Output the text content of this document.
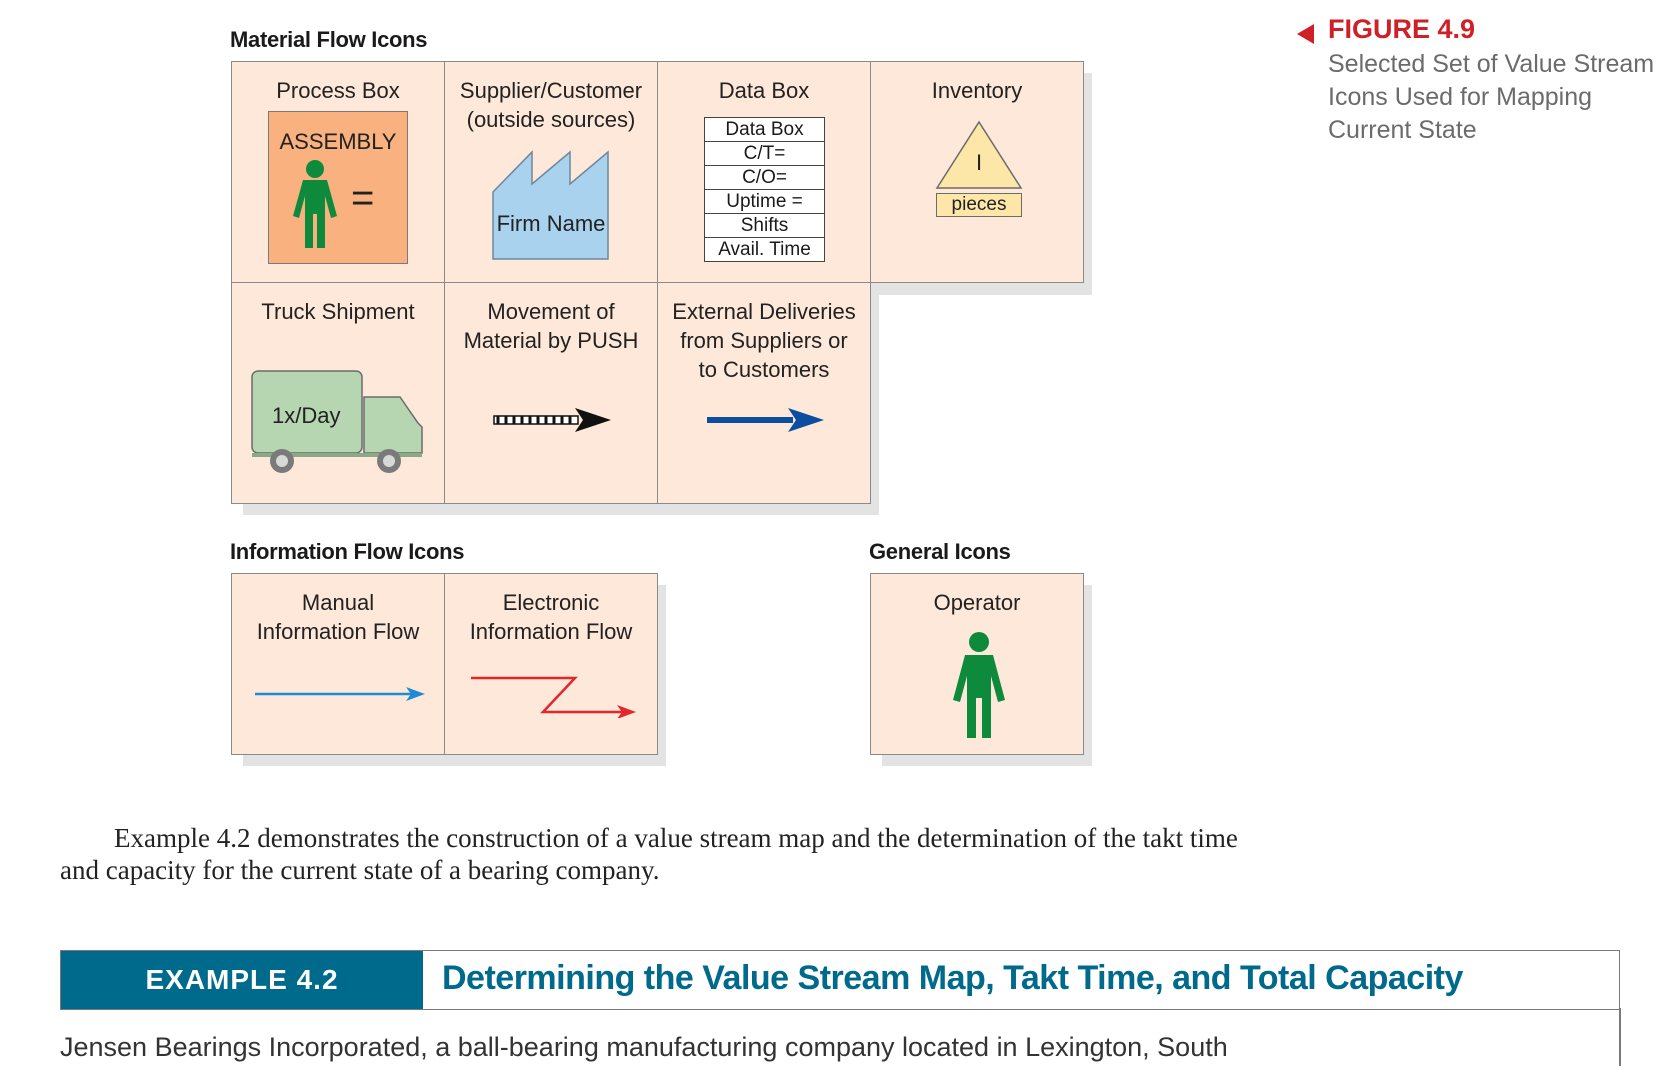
FIGURE 4.9
Selected Set of Value Stream
Icons Used for Mapping
Current State
Material Flow Icons
Process Box
ASSEMBLY
=
Supplier/Customer
(outside sources)
Firm Name
Data Box
Data Box
C/T=
C/O=
Uptime =
Shifts
Avail. Time
Inventory
I
pieces
Truck Shipment
1x/Day
Movement of
Material by PUSH
External Deliveries
from Suppliers or
to Customers
Information Flow Icons
Manual
Information Flow
Electronic
Information Flow
General Icons
Operator
Example 4.2 demonstrates the construction of a value stream map and the determination of the takt time and capacity for the current state of a bearing company.
EXAMPLE 4.2	Determining the Value Stream Map, Takt Time, and Total Capacity
Jensen Bearings Incorporated, a ball-bearing manufacturing company located in Lexington, South
